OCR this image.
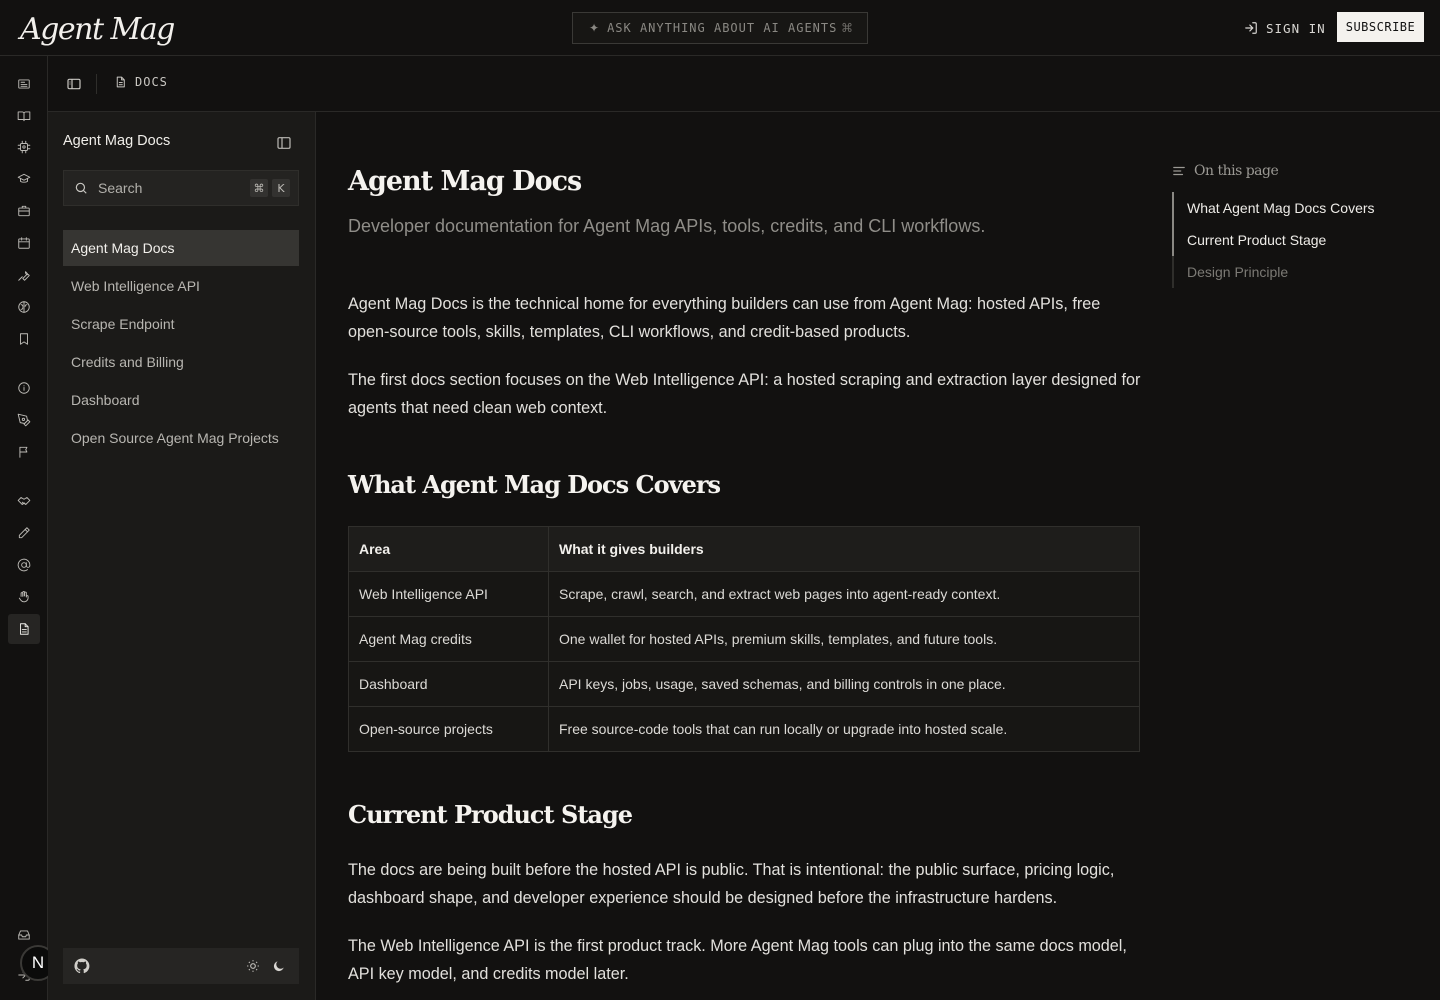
Agent Mag	✦ ASK ANYTHING ABOUT AI AGENTS ⌘	SIGN IN	SUBSCRIBE
N
DOCS
Agent Mag Docs
Search	⌘	K
Agent Mag Docs
Web Intelligence API
Scrape Endpoint
Credits and Billing
Dashboard
Open Source Agent Mag Projects
Agent Mag Docs

Developer documentation for Agent Mag APIs, tools, credits, and CLI workflows.

Agent Mag Docs is the technical home for everything builders can use from Agent Mag: hosted APIs, free open-source tools, skills, templates, CLI workflows, and credit-based products.

The first docs section focuses on the Web Intelligence API: a hosted scraping and extraction layer designed for agents that need clean web context.

What Agent Mag Docs Covers
Area	What it gives builders
Web Intelligence API	Scrape, crawl, search, and extract web pages into agent-ready context.
Agent Mag credits	One wallet for hosted APIs, premium skills, templates, and future tools.
Dashboard	API keys, jobs, usage, saved schemas, and billing controls in one place.
Open-source projects	Free source-code tools that can run locally or upgrade into hosted scale.
Current Product Stage

The docs are being built before the hosted API is public. That is intentional: the public surface, pricing logic, dashboard shape, and developer experience should be designed before the infrastructure hardens.

The Web Intelligence API is the first product track. More Agent Mag tools can plug into the same docs model, API key model, and credits model later.

On this page
What Agent Mag Docs Covers
Current Product Stage
Design Principle
